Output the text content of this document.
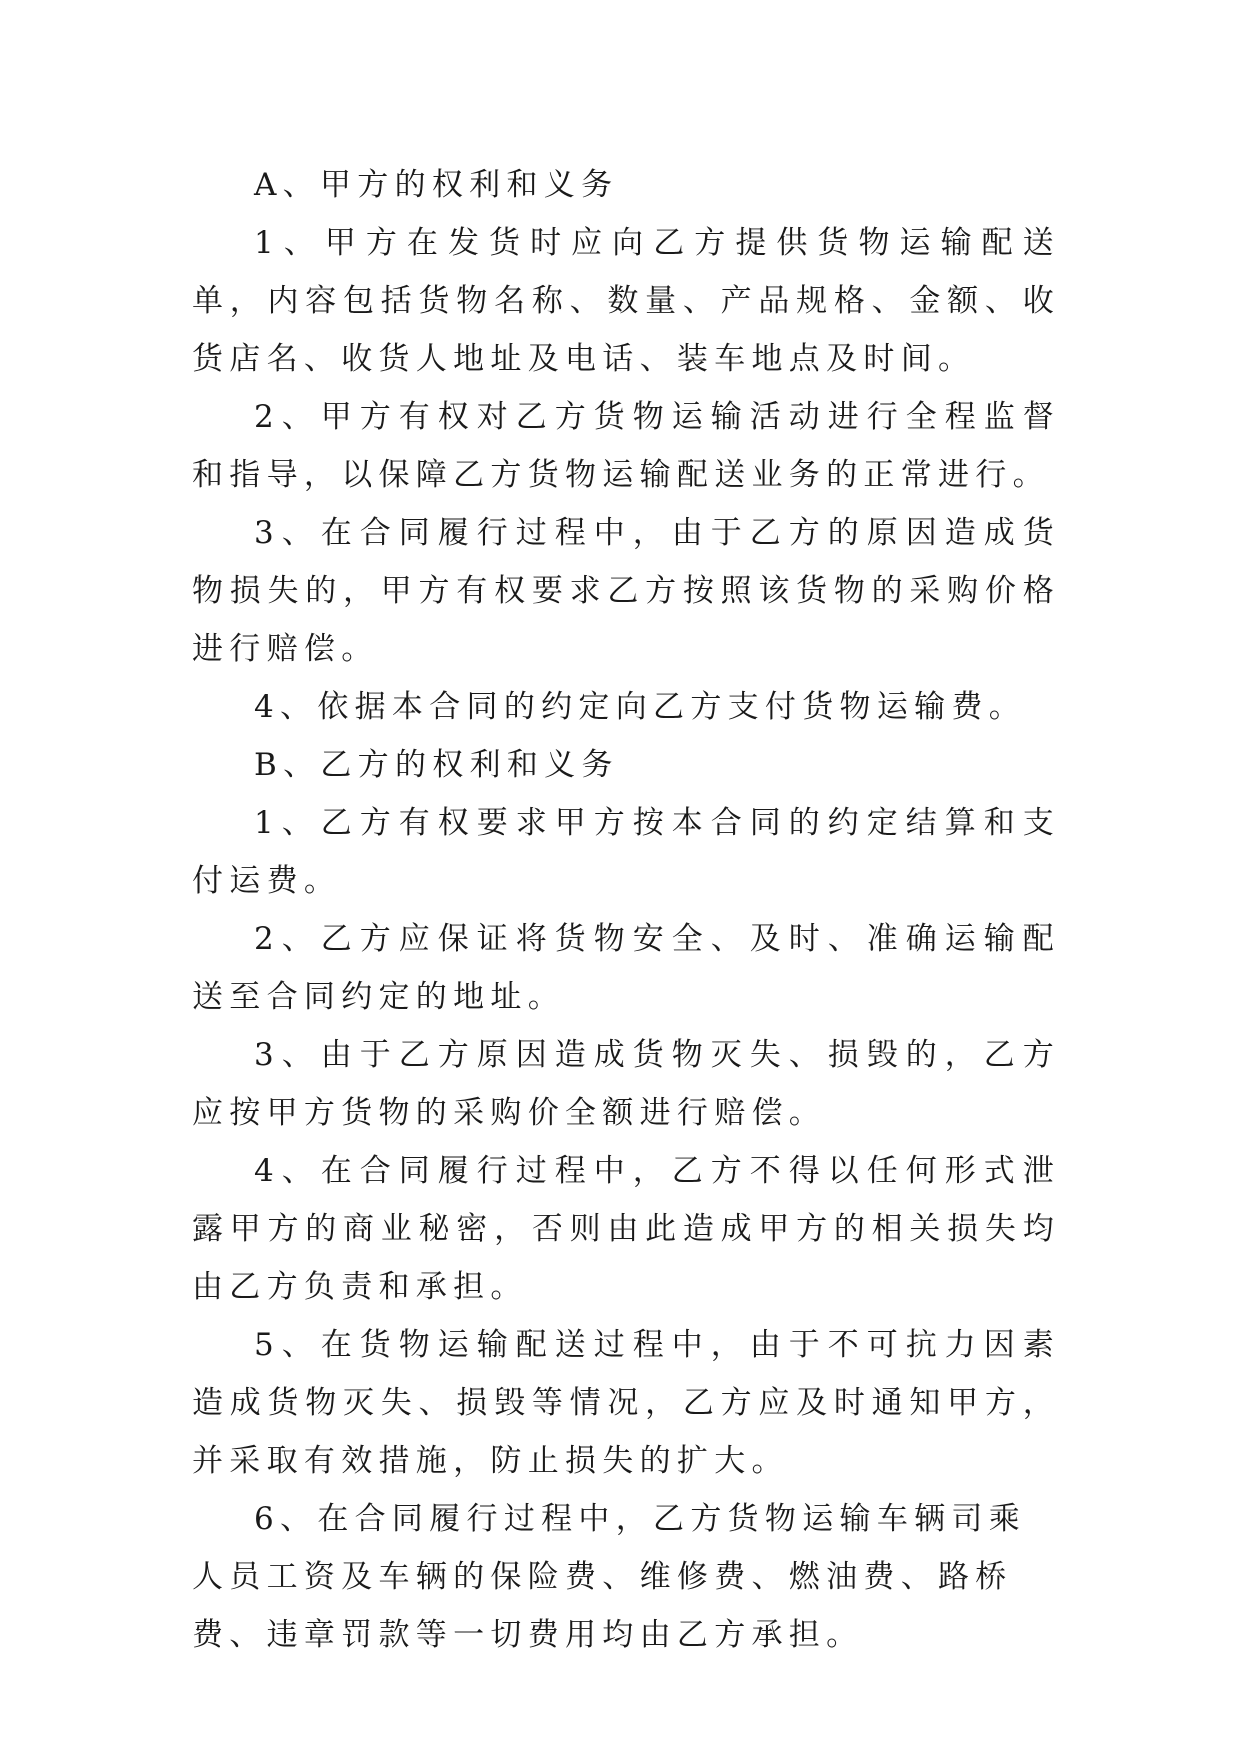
A、甲方的权利和义务

1、甲方在发货时应向乙方提供货物运输配送单，内容包括货物名称、数量、产品规格、金额、收货店名、收货人地址及电话、装车地点及时间。

2、甲方有权对乙方货物运输活动进行全程监督和指导，以保障乙方货物运输配送业务的正常进行。

3、在合同履行过程中，由于乙方的原因造成货物损失的，甲方有权要求乙方按照该货物的采购价格进行赔偿。

4、依据本合同的约定向乙方支付货物运输费。

B、乙方的权利和义务

1、乙方有权要求甲方按本合同的约定结算和支付运费。

2、乙方应保证将货物安全、及时、准确运输配送至合同约定的地址。

3、由于乙方原因造成货物灭失、损毁的，乙方应按甲方货物的采购价全额进行赔偿。

4、在合同履行过程中，乙方不得以任何形式泄露甲方的商业秘密，否则由此造成甲方的相关损失均由乙方负责和承担。

5、在货物运输配送过程中，由于不可抗力因素造成货物灭失、损毁等情况，乙方应及时通知甲方，并采取有效措施，防止损失的扩大。

6、在合同履行过程中，乙方货物运输车辆司乘人员工资及车辆的保险费、维修费、燃油费、路桥费、违章罚款等一切费用均由乙方承担。
